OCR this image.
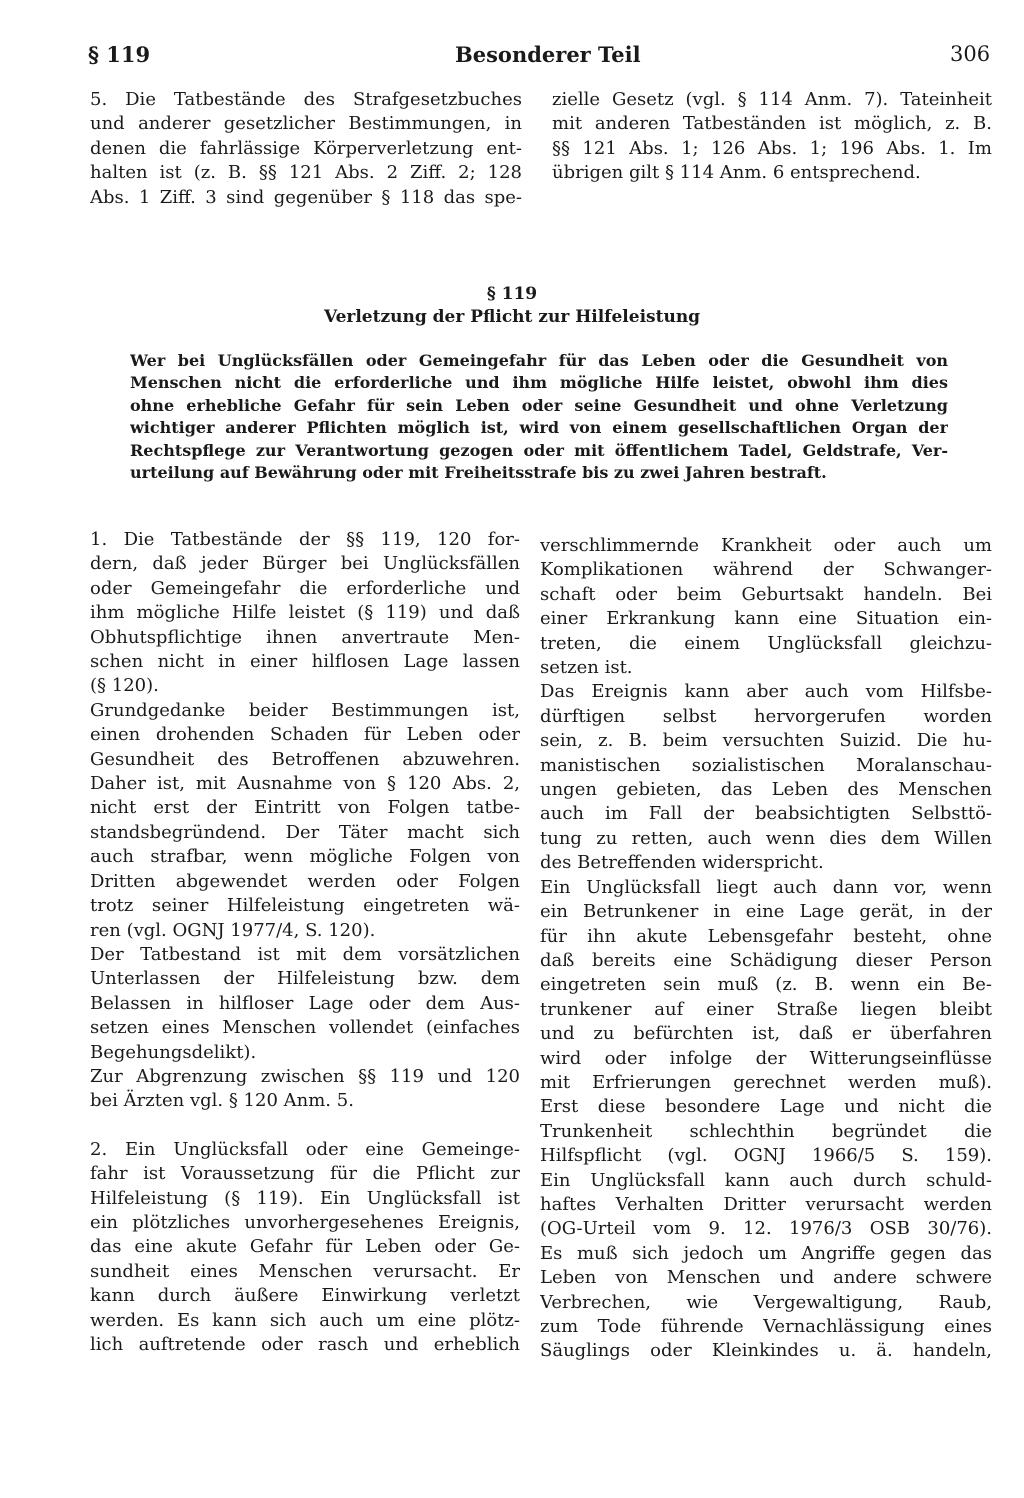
§ 119	Besonderer Teil	306
5. Die Tatbestände des Strafgesetzbuches
und anderer gesetzlicher Bestimmungen, in
denen die fahrlässige Körperverletzung ent-
halten ist (z. B. §§ 121 Abs. 2 Ziff. 2; 128
Abs. 1 Ziff. 3 sind gegenüber § 118 das spe-
zielle Gesetz (vgl. § 114 Anm. 7). Tateinheit
mit anderen Tatbeständen ist möglich, z. B.
§§ 121 Abs. 1; 126 Abs. 1; 196 Abs. 1. Im
übrigen gilt § 114 Anm. 6 entsprechend.
§ 119
Verletzung der Pflicht zur Hilfeleistung
Wer bei Unglücksfällen oder Gemeingefahr für das Leben oder die Gesundheit von
Menschen nicht die erforderliche und ihm mögliche Hilfe leistet, obwohl ihm dies
ohne erhebliche Gefahr für sein Leben oder seine Gesundheit und ohne Verletzung
wichtiger anderer Pflichten möglich ist, wird von einem gesellschaftlichen Organ der
Rechtspflege zur Verantwortung gezogen oder mit öffentlichem Tadel, Geldstrafe, Ver-
urteilung auf Bewährung oder mit Freiheitsstrafe bis zu zwei Jahren bestraft.
1. Die Tatbestände der §§ 119, 120 for-
dern, daß jeder Bürger bei Unglücksfällen
oder Gemeingefahr die erforderliche und
ihm mögliche Hilfe leistet (§ 119) und daß
Obhutspflichtige ihnen anvertraute Men-
schen nicht in einer hilflosen Lage lassen
(§ 120).
Grundgedanke beider Bestimmungen ist,
einen drohenden Schaden für Leben oder
Gesundheit des Betroffenen abzuwehren.
Daher ist, mit Ausnahme von § 120 Abs. 2,
nicht erst der Eintritt von Folgen tatbe-
standsbegründend. Der Täter macht sich
auch strafbar, wenn mögliche Folgen von
Dritten abgewendet werden oder Folgen
trotz seiner Hilfeleistung eingetreten wä-
ren (vgl. OGNJ 1977/4, S. 120).
Der Tatbestand ist mit dem vorsätzlichen
Unterlassen der Hilfeleistung bzw. dem
Belassen in hilfloser Lage oder dem Aus-
setzen eines Menschen vollendet (einfaches
Begehungsdelikt).
Zur Abgrenzung zwischen §§ 119 und 120
bei Ärzten vgl. § 120 Anm. 5.
2. Ein Unglücksfall oder eine Gemeinge-
fahr ist Voraussetzung für die Pflicht zur
Hilfeleistung (§ 119). Ein Unglücksfall ist
ein plötzliches unvorhergesehenes Ereignis,
das eine akute Gefahr für Leben oder Ge-
sundheit eines Menschen verursacht. Er
kann durch äußere Einwirkung verletzt
werden. Es kann sich auch um eine plötz-
lich auftretende oder rasch und erheblich
verschlimmernde Krankheit oder auch um
Komplikationen während der Schwanger-
schaft oder beim Geburtsakt handeln. Bei
einer Erkrankung kann eine Situation ein-
treten, die einem Unglücksfall gleichzu-
setzen ist.
Das Ereignis kann aber auch vom Hilfsbe-
dürftigen selbst hervorgerufen worden
sein, z. B. beim versuchten Suizid. Die hu-
manistischen sozialistischen Moralanschau-
ungen gebieten, das Leben des Menschen
auch im Fall der beabsichtigten Selbsttö-
tung zu retten, auch wenn dies dem Willen
des Betreffenden widerspricht.
Ein Unglücksfall liegt auch dann vor, wenn
ein Betrunkener in eine Lage gerät, in der
für ihn akute Lebensgefahr besteht, ohne
daß bereits eine Schädigung dieser Person
eingetreten sein muß (z. B. wenn ein Be-
trunkener auf einer Straße liegen bleibt
und zu befürchten ist, daß er überfahren
wird oder infolge der Witterungseinflüsse
mit Erfrierungen gerechnet werden muß).
Erst diese besondere Lage und nicht die
Trunkenheit schlechthin begründet die
Hilfspflicht (vgl. OGNJ 1966/5 S. 159).
Ein Unglücksfall kann auch durch schuld-
haftes Verhalten Dritter verursacht werden
(OG-Urteil vom 9. 12. 1976/3 OSB 30/76).
Es muß sich jedoch um Angriffe gegen das
Leben von Menschen und andere schwere
Verbrechen, wie Vergewaltigung, Raub,
zum Tode führende Vernachlässigung eines
Säuglings oder Kleinkindes u. ä. handeln,
